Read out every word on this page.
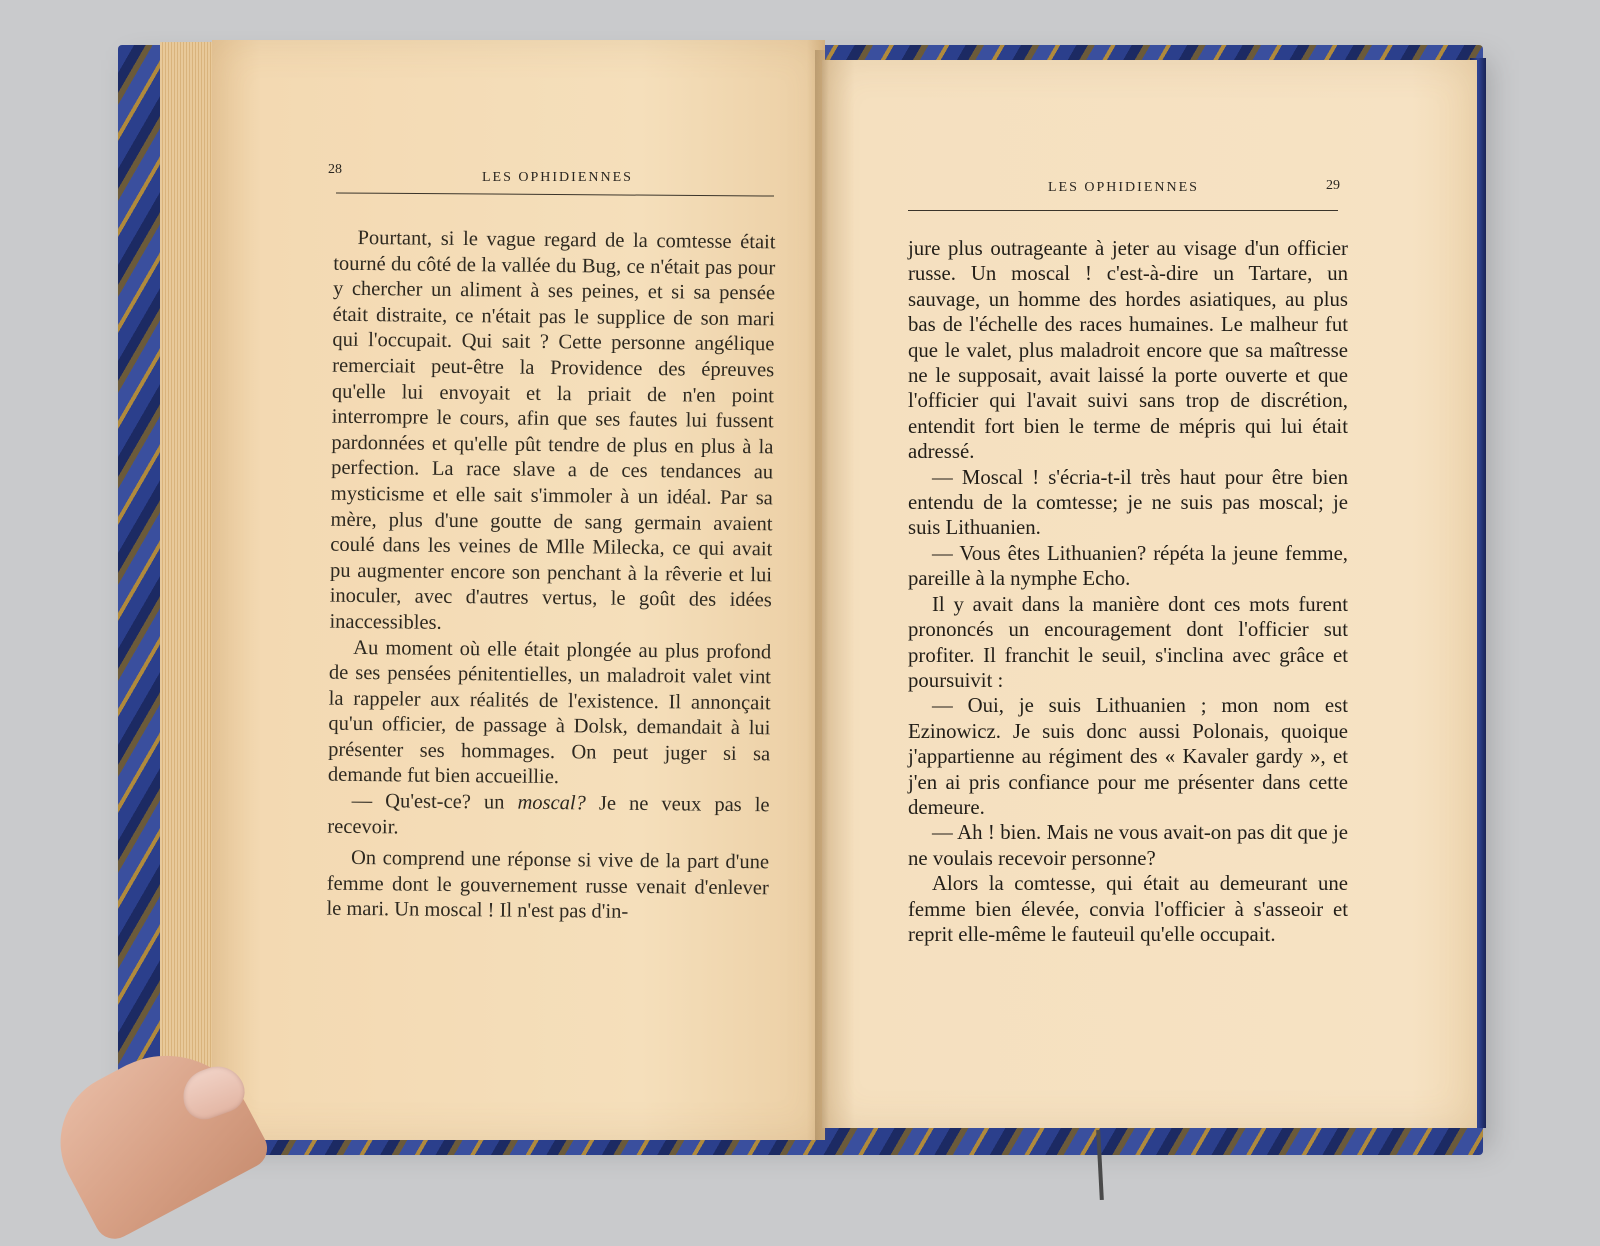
28
LES OPHIDIENNES

Pourtant, si le vague regard de la comtesse était tourné du côté de la vallée du Bug, ce n'était pas pour y chercher un aliment à ses peines, et si sa pensée était distraite, ce n'était pas le supplice de son mari qui l'occupait. Qui sait ? Cette personne angélique remerciait peut-être la Providence des épreuves qu'elle lui envoyait et la priait de n'en point interrompre le cours, afin que ses fautes lui fussent pardonnées et qu'elle pût tendre de plus en plus à la perfection. La race slave a de ces tendances au mysticisme et elle sait s'immoler à un idéal. Par sa mère, plus d'une goutte de sang germain avaient coulé dans les veines de Mlle Milecka, ce qui avait pu augmenter encore son penchant à la rêverie et lui inoculer, avec d'autres vertus, le goût des idées inaccessibles.

Au moment où elle était plongée au plus profond de ses pensées pénitentielles, un maladroit valet vint la rappeler aux réalités de l'existence. Il annonçait qu'un officier, de passage à Dolsk, demandait à lui présenter ses hommages. On peut juger si sa demande fut bien accueillie.

— Qu'est-ce? un moscal? Je ne veux pas le recevoir.

On comprend une réponse si vive de la part d'une femme dont le gouvernement russe venait d'enlever le mari. Un moscal ! Il n'est pas d'in-

LES OPHIDIENNES	29

jure plus outrageante à jeter au visage d'un officier russe. Un moscal ! c'est-à-dire un Tartare, un sauvage, un homme des hordes asiatiques, au plus bas de l'échelle des races humaines. Le malheur fut que le valet, plus maladroit encore que sa maîtresse ne le supposait, avait laissé la porte ouverte et que l'officier qui l'avait suivi sans trop de discrétion, entendit fort bien le terme de mépris qui lui était adressé.

— Moscal ! s'écria-t-il très haut pour être bien entendu de la comtesse; je ne suis pas moscal; je suis Lithuanien.

— Vous êtes Lithuanien? répéta la jeune femme, pareille à la nymphe Echo.

Il y avait dans la manière dont ces mots furent prononcés un encouragement dont l'officier sut profiter. Il franchit le seuil, s'inclina avec grâce et poursuivit :

— Oui, je suis Lithuanien ; mon nom est Ezinowicz. Je suis donc aussi Polonais, quoique j'appartienne au régiment des « Kavaler gardy », et j'en ai pris confiance pour me présenter dans cette demeure.

— Ah ! bien. Mais ne vous avait-on pas dit que je ne voulais recevoir personne?

Alors la comtesse, qui était au demeurant une femme bien élevée, convia l'officier à s'asseoir et reprit elle-même le fauteuil qu'elle occupait.
